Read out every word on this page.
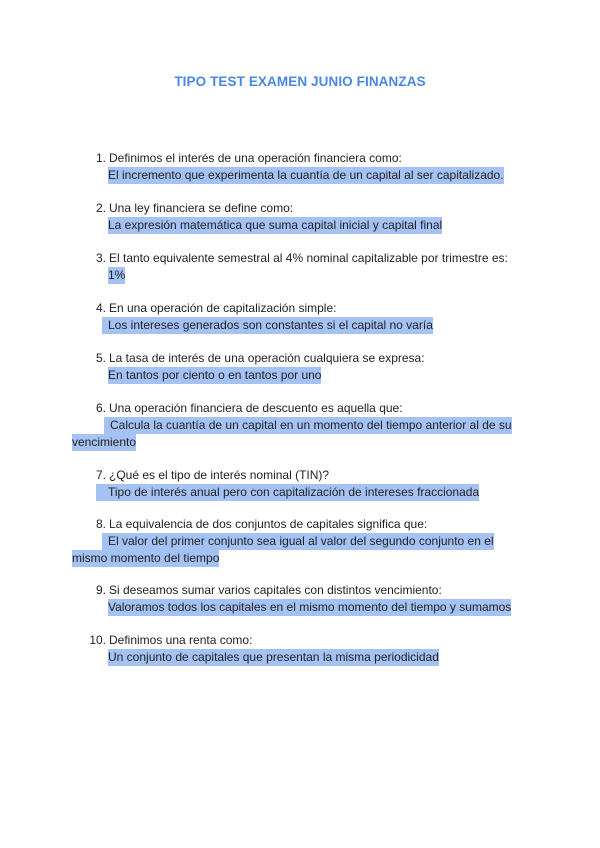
TIPO TEST EXAMEN JUNIO FINANZAS
1. Definimos el interés de una operación financiera como:
El incremento que experimenta la cuantía de un capital al ser capitalizado.
2. Una ley financiera se define como:
La expresión matemática que suma capital inicial y capital final
3. El tanto equivalente semestral al 4% nominal capitalizable por trimestre es:
1%
4. En una operación de capitalización simple:
Los intereses generados son constantes si el capital no varía
5. La tasa de interés de una operación cualquiera se expresa:
En tantos por ciento o en tantos por uno
6. Una operación financiera de descuento es aquella que:
Calcula la cuantía de un capital en un momento del tiempo anterior al de su
vencimiento
7. ¿Qué es el tipo de interés nominal (TIN)?
Tipo de interés anual pero con capitalización de intereses fraccionada
8. La equivalencia de dos conjuntos de capitales significa que:
El valor del primer conjunto sea igual al valor del segundo conjunto en el
mismo momento del tiempo
9. Si deseamos sumar varios capitales con distintos vencimiento:
Valoramos todos los capitales en el mismo momento del tiempo y sumamos
10. Definimos una renta como:
Un conjunto de capitales que presentan la misma periodicidad
